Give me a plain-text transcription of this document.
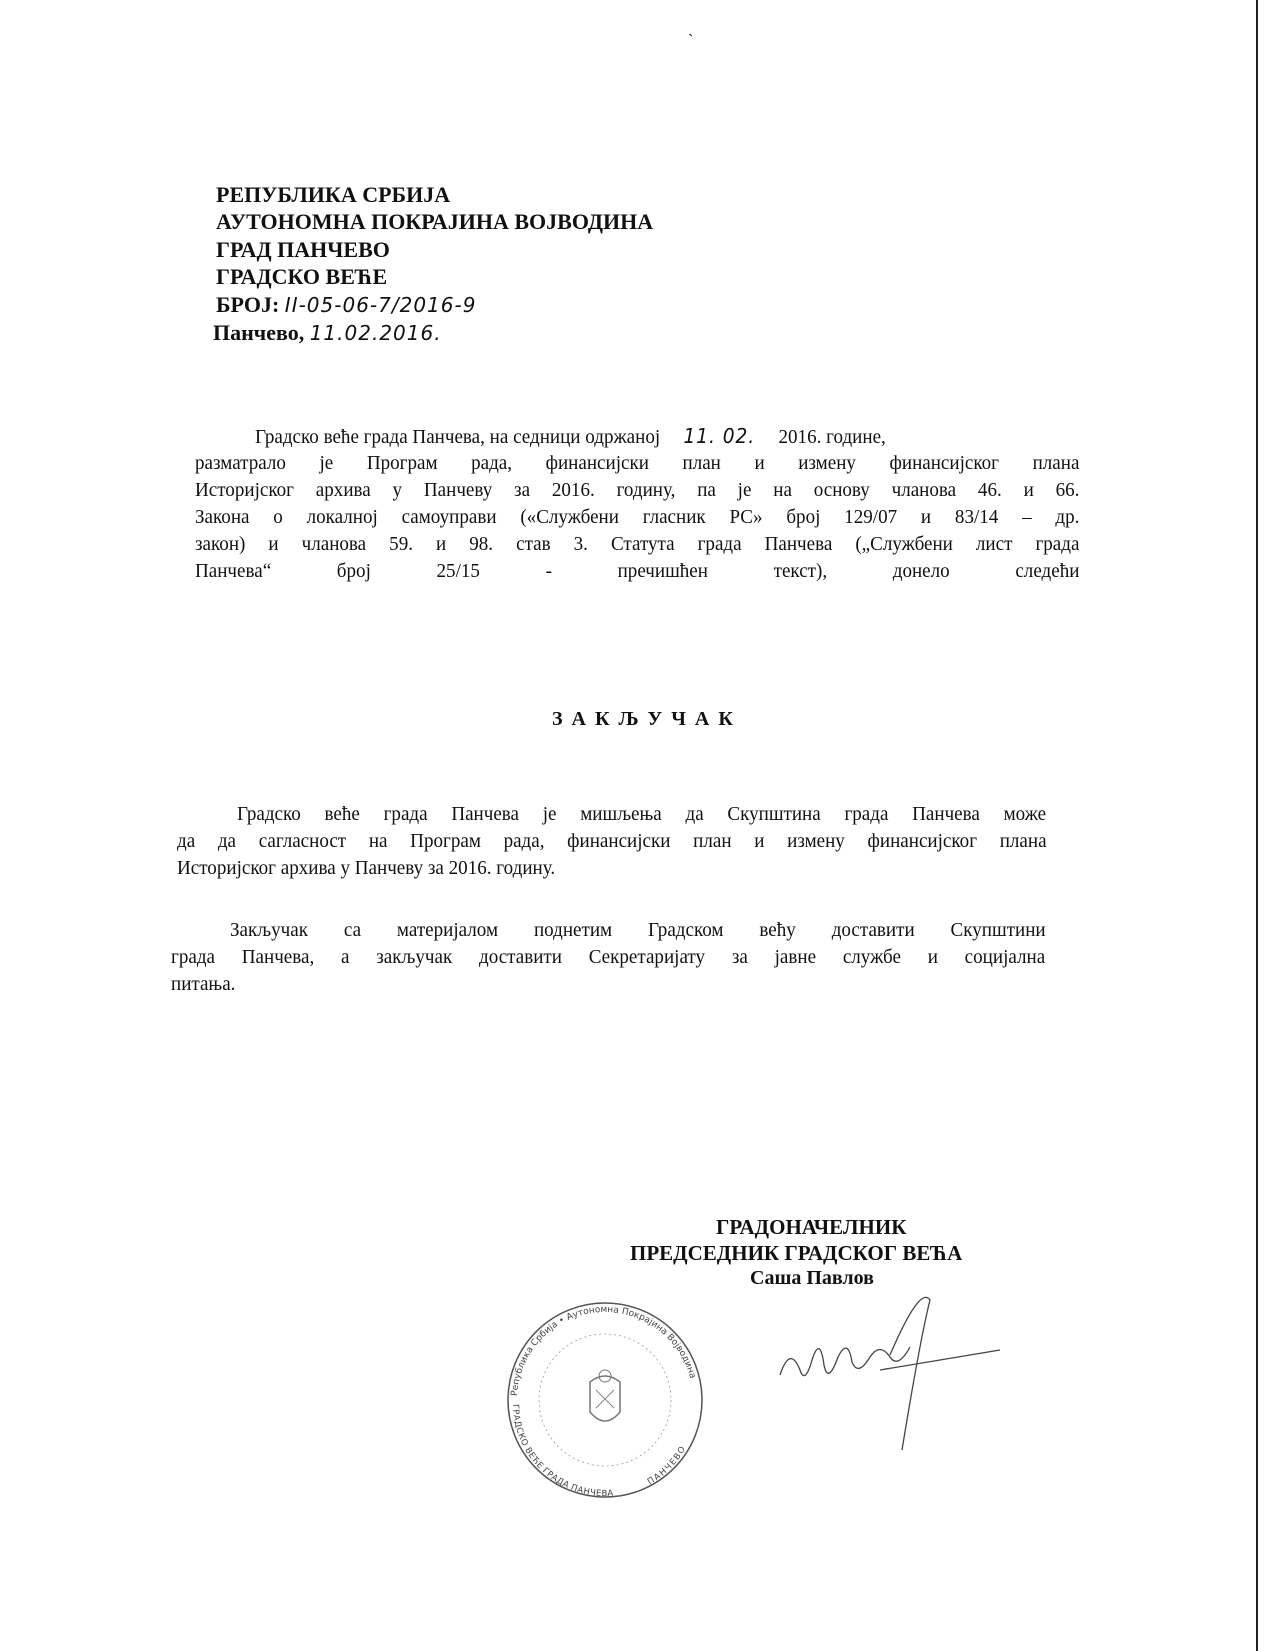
ˎ
РЕПУБЛИКА СРБИЈА
АУТОНОМНА ПОКРАЈИНА ВОЈВОДИНА
ГРАД ПАНЧЕВО
ГРАДСКО ВЕЋЕ
БРОЈ: II-05-06-7/2016-9
Панчево, 11.02.2016.
Градско веће града Панчева, на седници одржаној 11. 02. 2016. године,
разматрало је Програм рада, финансијски план и измену финансијског плана
Историјског архива у Панчеву за 2016. годину, па је на основу чланова 46. и 66.
Закона о локалној самоуправи («Службени гласник РС» број 129/07 и 83/14 – др.
закон) и чланова 59. и 98. став 3. Статута града Панчева („Службени лист града
Панчева“ број 25/15 - пречишћен текст), донело следећи
ЗАКЉУЧАК
Градско веће града Панчева је мишљења да Скупштина града Панчева може
да да сагласност на Програм рада, финансијски план и измену финансијског плана
Историјског архива у Панчеву за 2016. годину.
Закључак са материјалом поднетим Градском већу доставити Скупштини
града Панчева, а закључак доставити Секретаријату за јавне службе и социјална
питања.
ГРАДОНАЧЕЛНИК
ПРЕДСЕДНИК ГРАДСКОГ ВЕЋА
Саша Павлов
Република Србија • Аутономна Покрајина Војводина
ГРАДСКО ВЕЋЕ ГРАДА ПАНЧЕВА
ПАНЧЕВО
